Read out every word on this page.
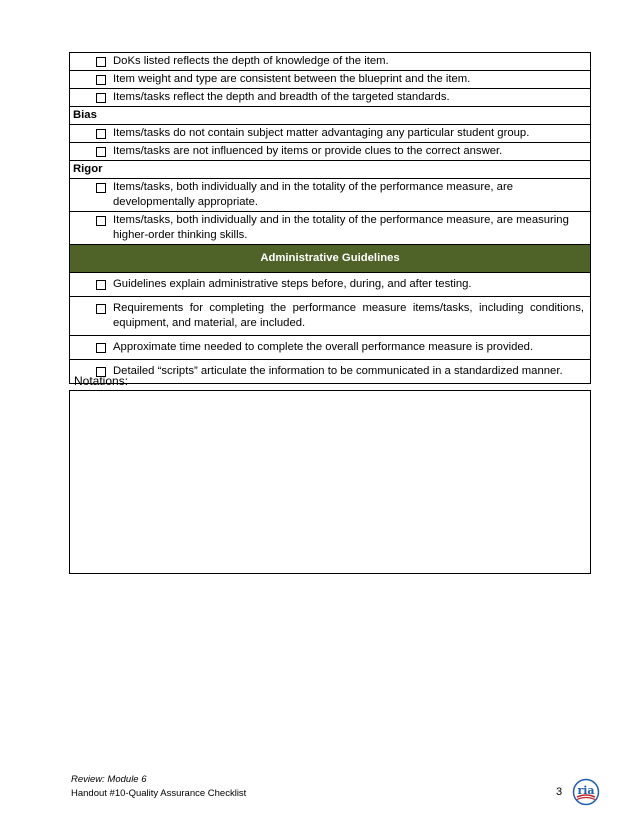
DoKs listed reflects the depth of knowledge of the item.

Item weight and type are consistent between the blueprint and the item.

Items/tasks reflect the depth and breadth of the targeted standards.

Bias

Items/tasks do not contain subject matter advantaging any particular student group.

Items/tasks are not influenced by items or provide clues to the correct answer.

Rigor

Items/tasks, both individually and in the totality of the performance measure, are developmentally appropriate.

Items/tasks, both individually and in the totality of the performance measure, are measuring higher-order thinking skills.

Administrative Guidelines

Guidelines explain administrative steps before, during, and after testing.

Requirements for completing the performance measure items/tasks, including conditions, equipment, and material, are included.

Approximate time needed to complete the overall performance measure is provided.

Detailed “scripts” articulate the information to be communicated in a standardized manner.
Notations:
Review: Module 6
Handout #10-Quality Assurance Checklist	3 ria
